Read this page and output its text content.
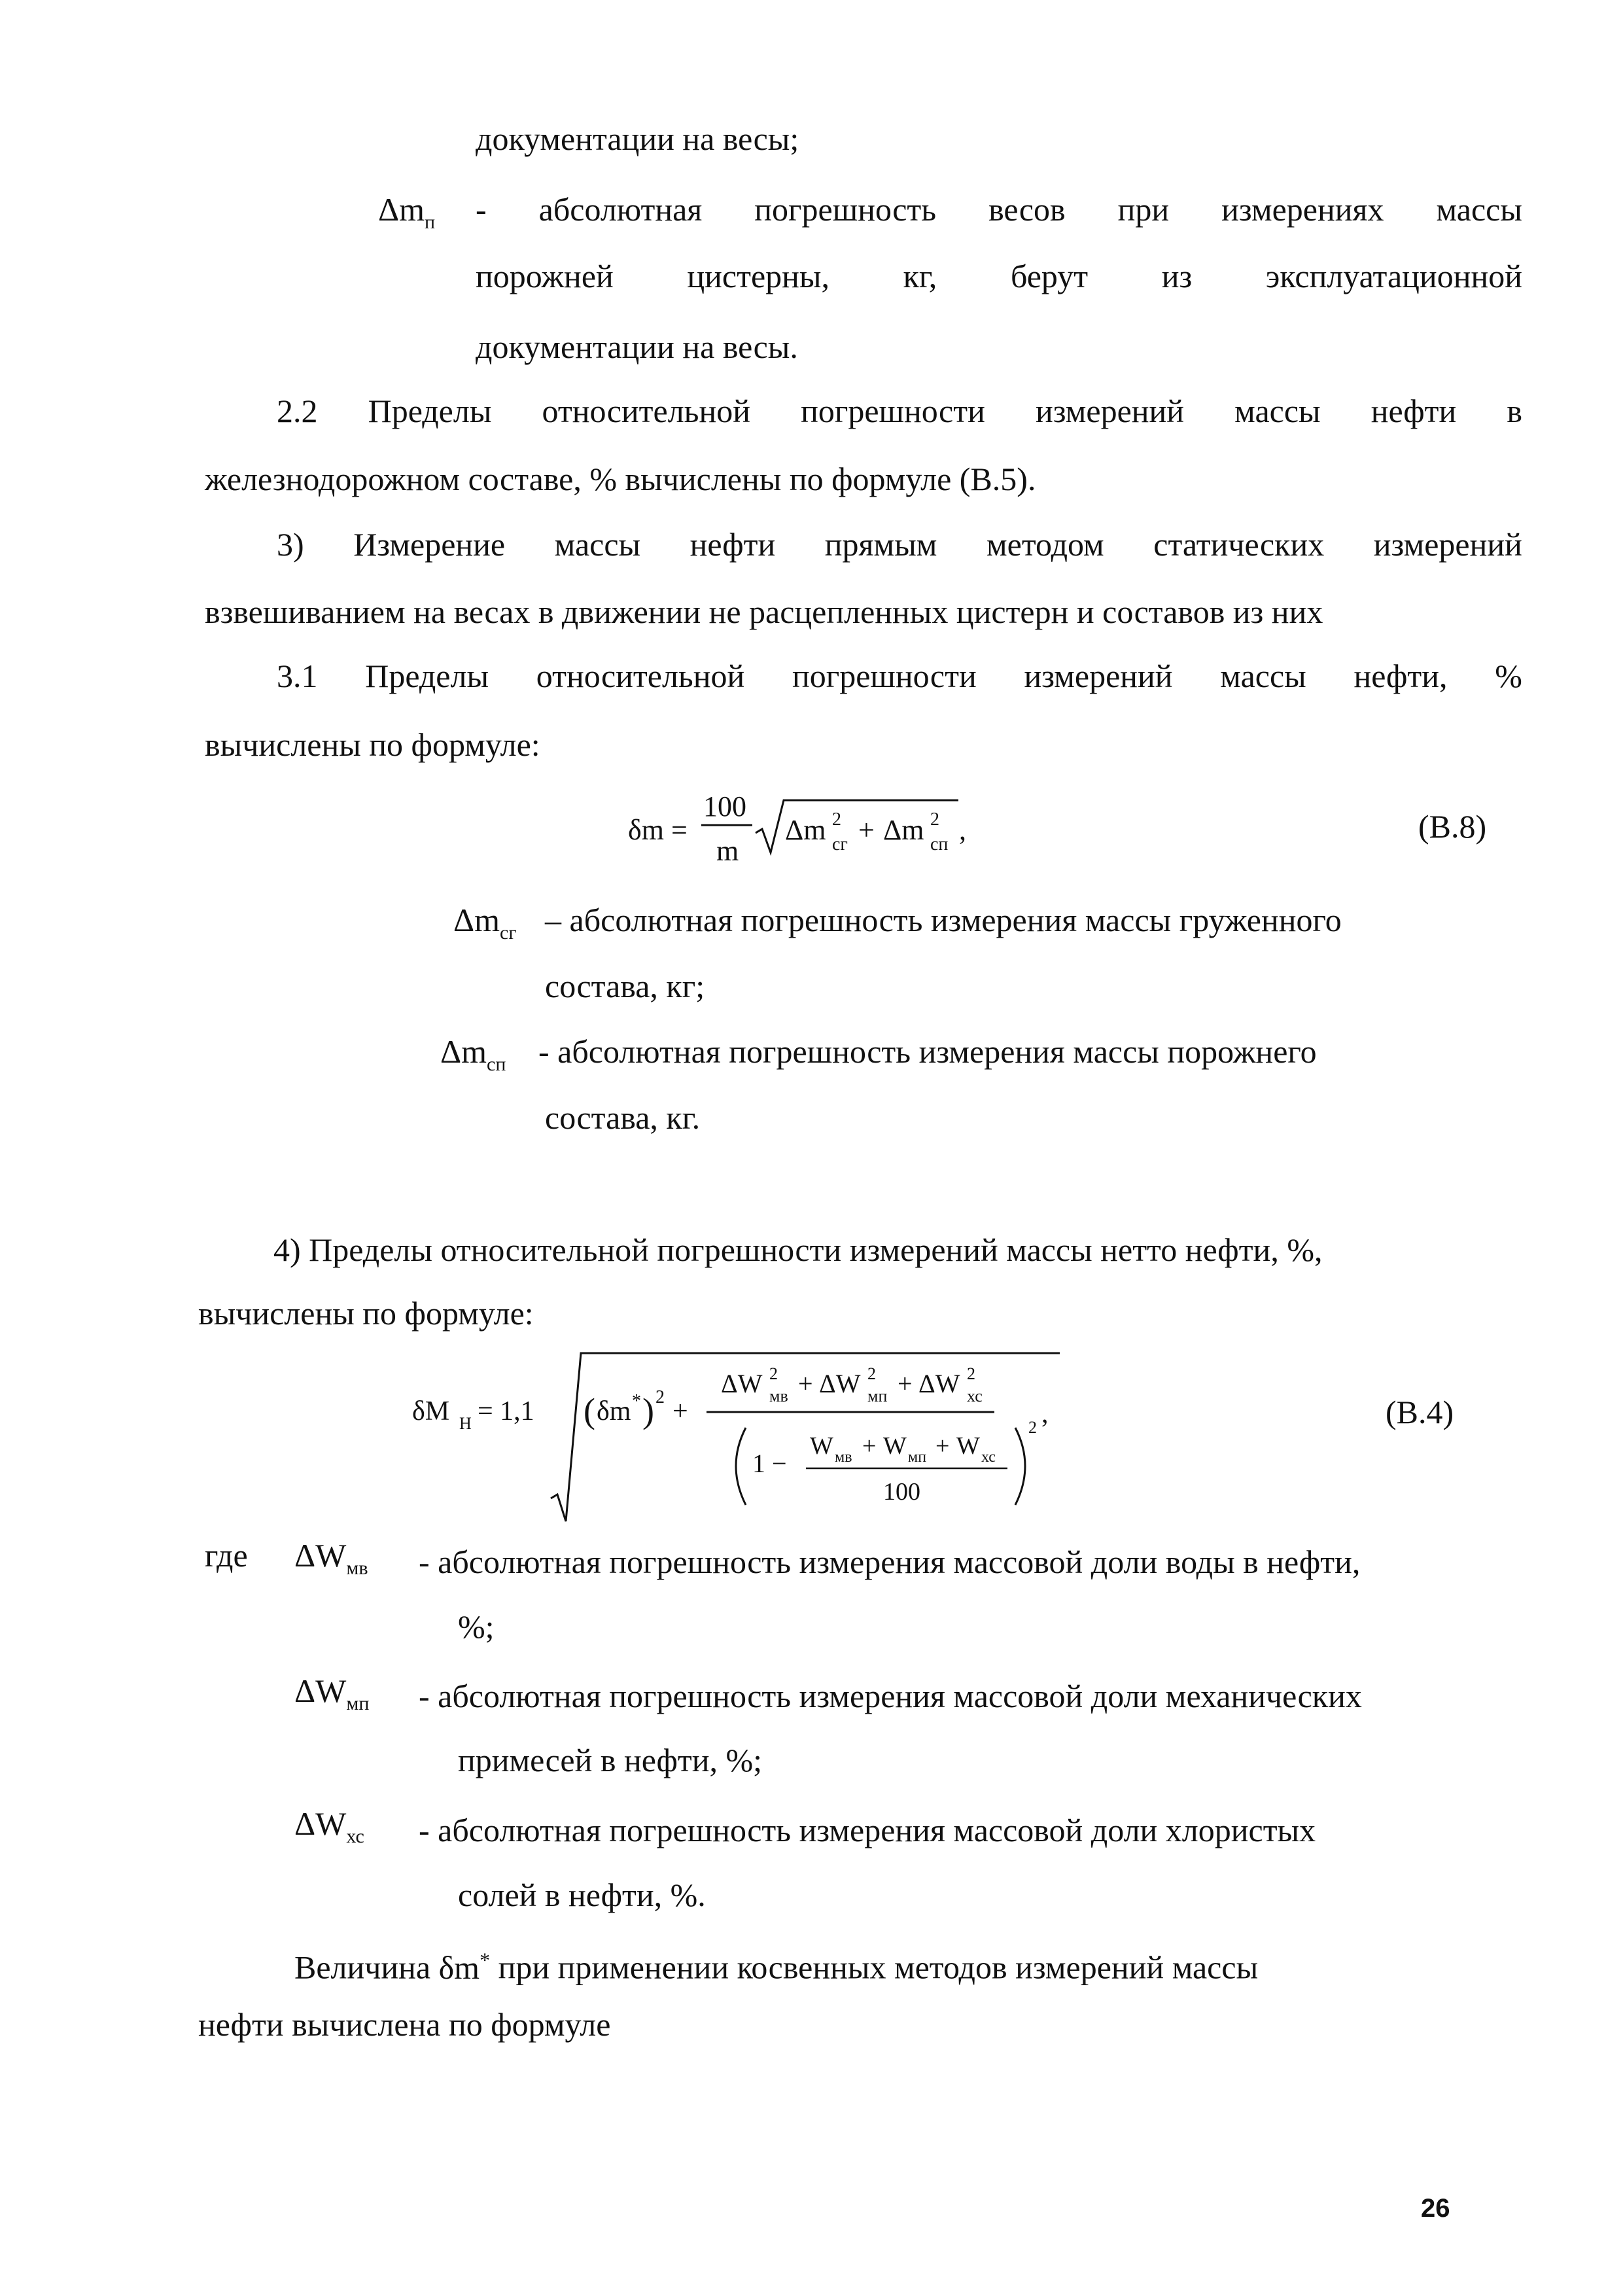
документации на весы;
$\Delta m_п$ - абсолютная погрешность весов при измерениях массы
порожней цистерны, кг, берут из эксплуатационной
документации на весы.
2.2 Пределы относительной погрешности измерений массы нефти в
железнодорожном составе, % вычислены по формуле (В.5).
3) Измерение массы нефти прямым методом статических измерений
взвешиванием на весах в движении не расцепленных цистерн и составов из них
3.1 Пределы относительной погрешности измерений массы нефти, %
вычислены по формуле:
δm =
100
m
Δm 2
сг + Δm 2
сп ,	(В.8)
$\Delta m_{сг}$ – абсолютная погрешность измерения массы груженного
состава, кг;
$\Delta m_{сп}$ - абсолютная погрешность измерения массы порожнего
состава, кг.
4) Пределы относительной погрешности измерений массы нетто нефти, %,
вычислены по формуле:
δM Н = 1,1 ( δm * ) 2 +
ΔW 2
мв + ΔW 2
мп + ΔW 2
хс
1 −
W мв + W мп + W хс
100
2 ,	(В.4)
где $\Delta W_{мв}$ - абсолютная погрешность измерения массовой доли воды в нефти,
%;
$\Delta W_{мп}$ - абсолютная погрешность измерения массовой доли механических
примесей в нефти, %;
$\Delta W_{хс}$ - абсолютная погрешность измерения массовой доли хлористых
солей в нефти, %.
Величина δm* при применении косвенных методов измерений массы
нефти вычислена по формуле
26
